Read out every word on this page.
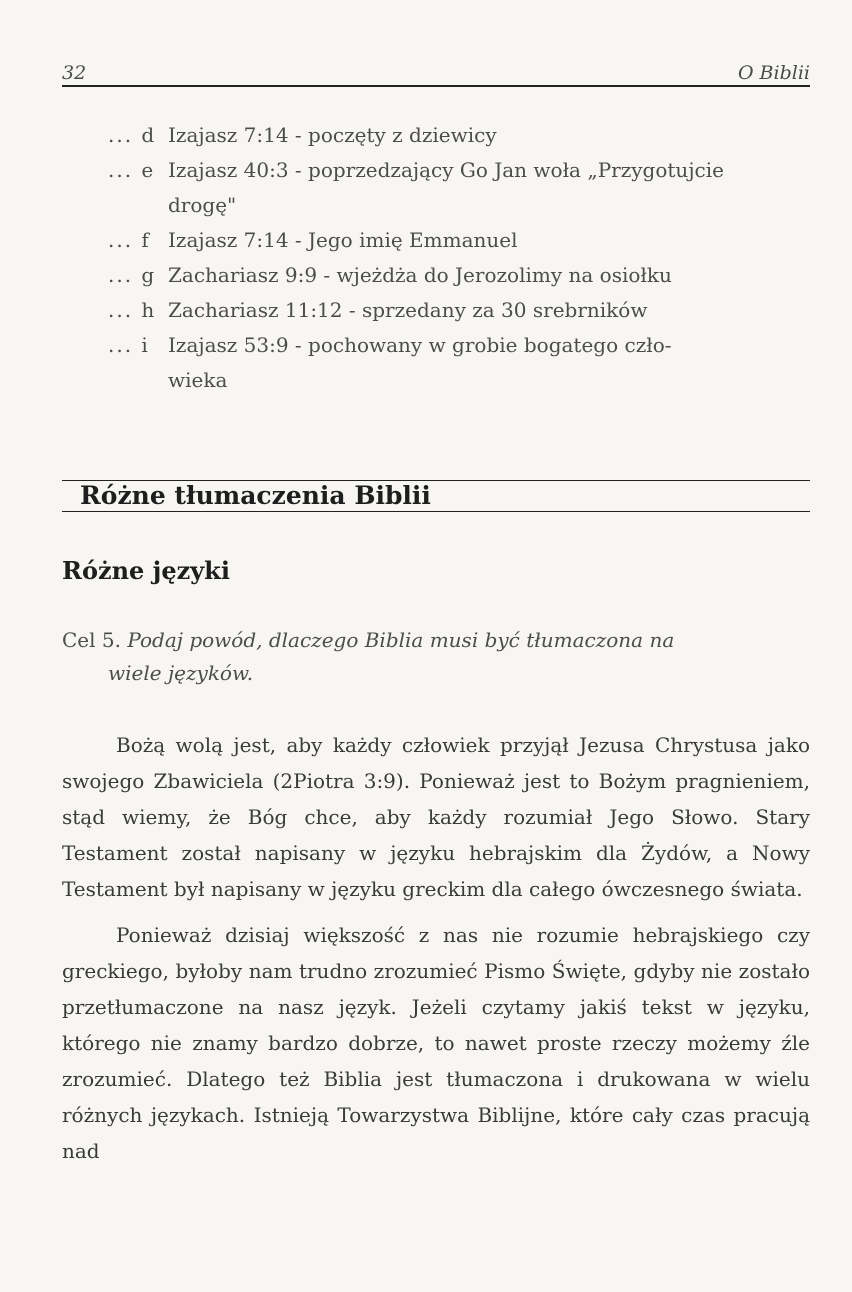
32	O Biblii
... d Izajasz 7:14 - poczęty z dziewicy
... e Izajasz 40:3 - poprzedzający Go Jan woła „Przygotujcie
drogę"
... f Izajasz 7:14 - Jego imię Emmanuel
... g Zachariasz 9:9 - wjeżdża do Jerozolimy na osiołku
... h Zachariasz 11:12 - sprzedany za 30 srebrników
... i Izajasz 53:9 - pochowany w grobie bogatego czło-
wieka
Różne tłumaczenia Biblii
Różne języki
Cel 5. Podaj powód, dlaczego Biblia musi być tłumaczona na
wiele języków.

Bożą wolą jest, aby każdy człowiek przyjął Jezusa Chrystusa jako swojego Zbawiciela (2Piotra 3:9). Ponieważ jest to Bożym pragnieniem, stąd wiemy, że Bóg chce, aby każdy rozumiał Jego Słowo. Stary Testament został napisany w języku hebrajskim dla Żydów, a Nowy Testament był napisany w języku greckim dla całego ówczesnego świata.

Ponieważ dzisiaj większość z nas nie rozumie hebrajskiego czy greckiego, byłoby nam trudno zrozumieć Pismo Święte, gdyby nie zostało przetłumaczone na nasz język. Jeżeli czytamy jakiś tekst w języku, którego nie znamy bardzo dobrze, to nawet proste rzeczy możemy źle zrozumieć. Dlatego też Biblia jest tłumaczona i drukowana w wielu różnych językach. Istnieją Towarzystwa Biblijne, które cały czas pracują nad
